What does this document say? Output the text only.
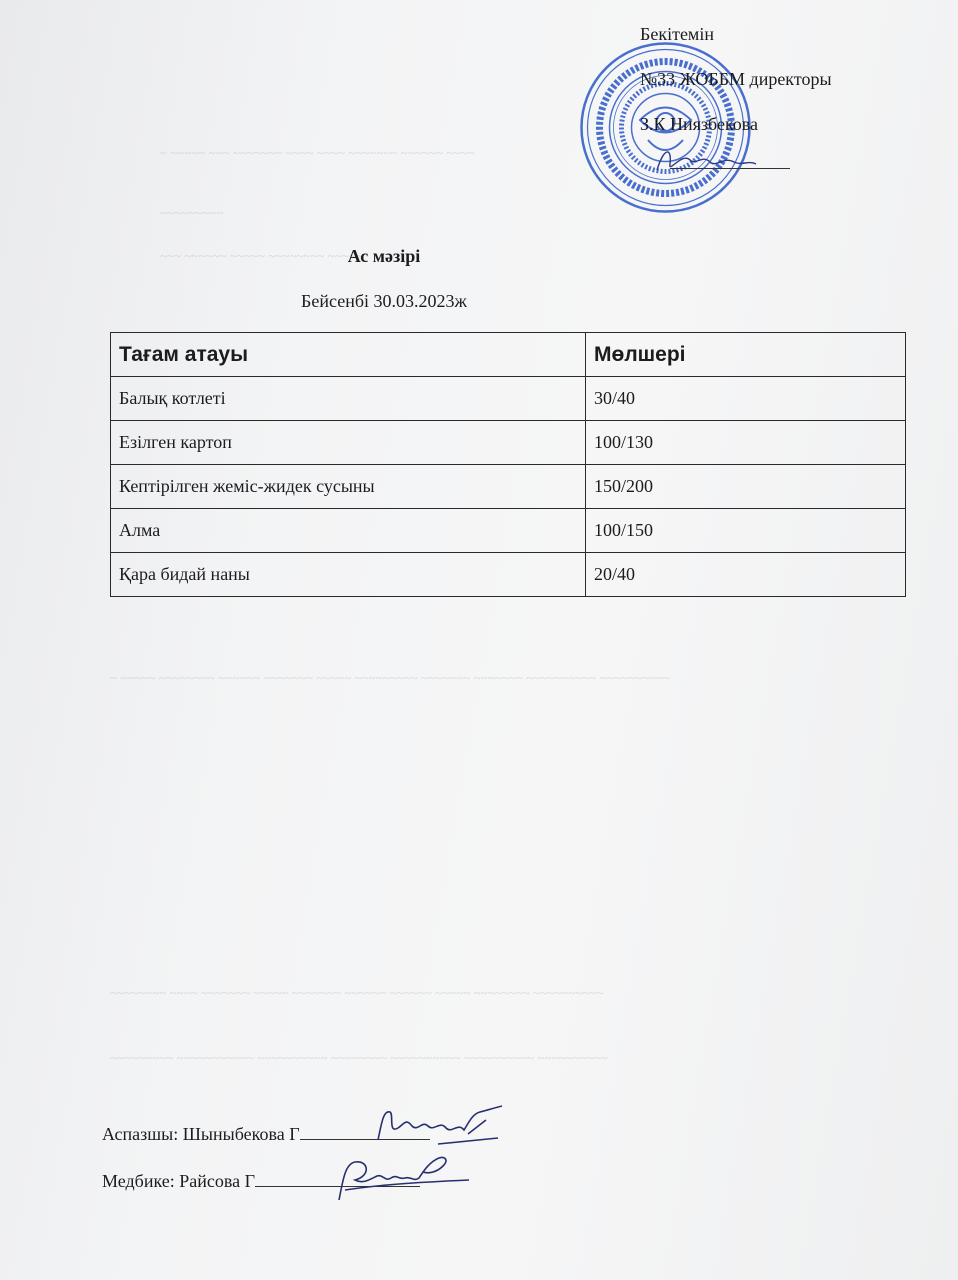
~ ~~~~~ ~~~ ~~~~~~~ ~~~~ ~~~~ ~~~~~~~ ~~~~~~ ~~~~
~~~~~~~~~
~~~ ~~~~~~ ~~~~~ ~~~~~~~~ ~~~~~
~ ~~~~~ ~~~~~~~~ ~~~~~~ ~~~~~~~ ~~~~~ ~~~~~~~~~ ~~~~~~~ ~~~~~~~ ~~~~~~~~~~ ~~~~~~~~~~
~~~~~~~~ ~~~~ ~~~~~~~ ~~~~~ ~~~~~~~ ~~~~~~ ~~~~~~ ~~~~~ ~~~~~~~~ ~~~~~~~~~~
~~~~~~~~~ ~~~~~~~~~~~ ~~~~~~~~~~ ~~~~~~~~ ~~~~~~~~~~ ~~~~~~~~~~ ~~~~~~~~~~
Бекітемін
№33 ЖОББМ директоры
З.К Ниязбекова
Ас мәзірі
Бейсенбі 30.03.2023ж
Тағам атауы	Мөлшері
Балық котлеті	30/40
Езілген картоп	100/130
Кептірілген жеміс-жидек сусыны	150/200
Алма	100/150
Қара бидай наны	20/40
Аспазшы: Шыныбекова Г
Медбике: Райсова Г
